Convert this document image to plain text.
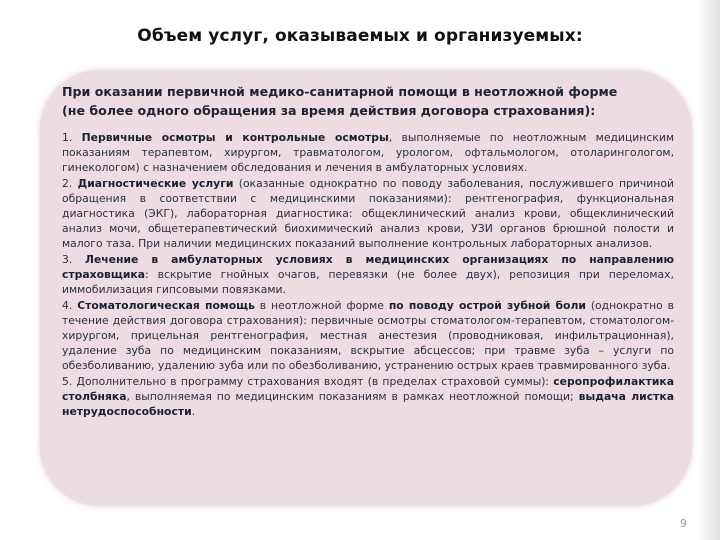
Объем услуг, оказываемых и организуемых:
При оказании первичной медико-санитарной помощи в неотложной форме
(не более одного обращения за время действия договора страхования):

1. Первичные осмотры и контрольные осмотры, выполняемые по неотложным медицинским показаниям терапевтом, хирургом, травматологом, урологом, офтальмологом, отоларингологом, гинекологом) с назначением обследования и лечения в амбулаторных условиях.

2. Диагностические услуги (оказанные однократно по поводу заболевания, послужившего причиной обращения в соответствии с медицинскими показаниями): рентгенография, функциональная диагностика (ЭКГ), лабораторная диагностика: общеклинический анализ крови, общеклинический анализ мочи, общетерапевтический биохимический анализ крови, УЗИ органов брюшной полости и малого таза. При наличии медицинских показаний выполнение контрольных лабораторных анализов.

3. Лечение в амбулаторных условиях в медицинских организациях по направлению страховщика: вскрытие гнойных очагов, перевязки (не более двух), репозиция при переломах, иммобилизация гипсовыми повязками.

4. Стоматологическая помощь в неотложной форме по поводу острой зубной боли (однократно в течение действия договора страхования): первичные осмотры стоматологом-терапевтом, стоматологом-хирургом, прицельная рентгенография, местная анестезия (проводниковая, инфильтрационная), удаление зуба по медицинским показаниям, вскрытие абсцессов; при травме зуба – услуги по обезболиванию, удалению зуба или по обезболиванию, устранению острых краев травмированного зуба.

5. Дополнительно в программу страхования входят (в пределах страховой суммы): серопрофилактика столбняка, выполняемая по медицинским показаниям в рамках неотложной помощи; выдача листка нетрудоспособности.

9
